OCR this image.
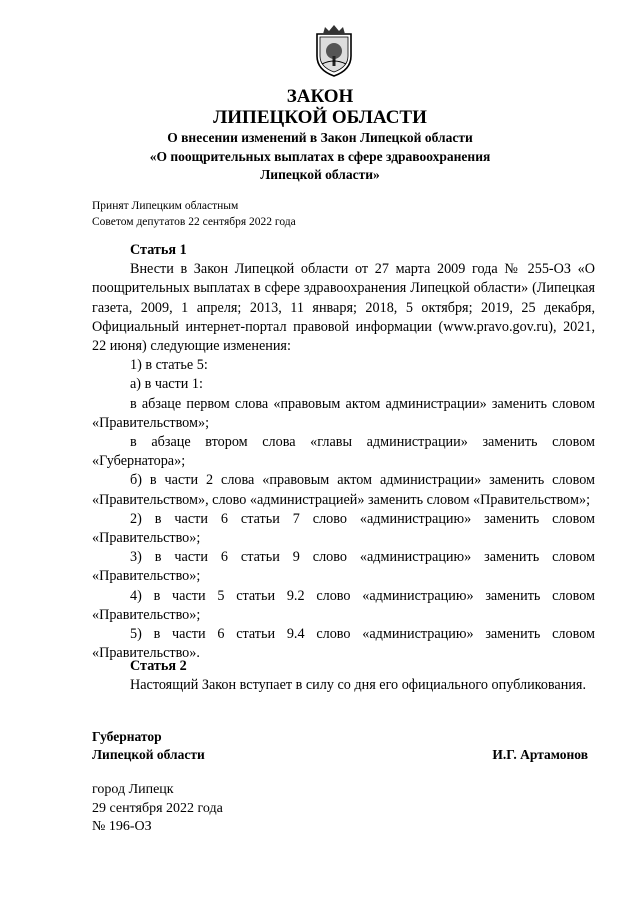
ЗАКОН
ЛИПЕЦКОЙ ОБЛАСТИ
О внесении изменений в Закон Липецкой области
«О поощрительных выплатах в сфере здравоохранения
Липецкой области»
Принят Липецким областным
Советом депутатов 22 сентября 2022 года

Статья 1

Внести в Закон Липецкой области от 27 марта 2009 года № 255-ОЗ «О поощрительных выплатах в сфере здравоохранения Липецкой области» (Липецкая газета, 2009, 1 апреля; 2013, 11 января; 2018, 5 октября; 2019, 25 декабря, Официальный интернет-портал правовой информации (www.pravo.gov.ru), 2021, 22 июня) следующие изменения:

1) в статье 5:

а) в части 1:

в абзаце первом слова «правовым актом администрации» заменить словом «Правительством»;

в абзаце втором слова «главы администрации» заменить словом «Губернатора»;

б) в части 2 слова «правовым актом администрации» заменить словом «Правительством», слово «администрацией» заменить словом «Правительством»;

2) в части 6 статьи 7 слово «администрацию» заменить словом «Правительство»;

3) в части 6 статьи 9 слово «администрацию» заменить словом «Правительство»;

4) в части 5 статьи 9.2 слово «администрацию» заменить словом «Правительство»;

5) в части 6 статьи 9.4 слово «администрацию» заменить словом «Правительство».

Статья 2

Настоящий Закон вступает в силу со дня его официального опубликования.

Губернатор
Липецкой области	И.Г. Артамонов
город Липецк
29 сентября 2022 года
№ 196-ОЗ
